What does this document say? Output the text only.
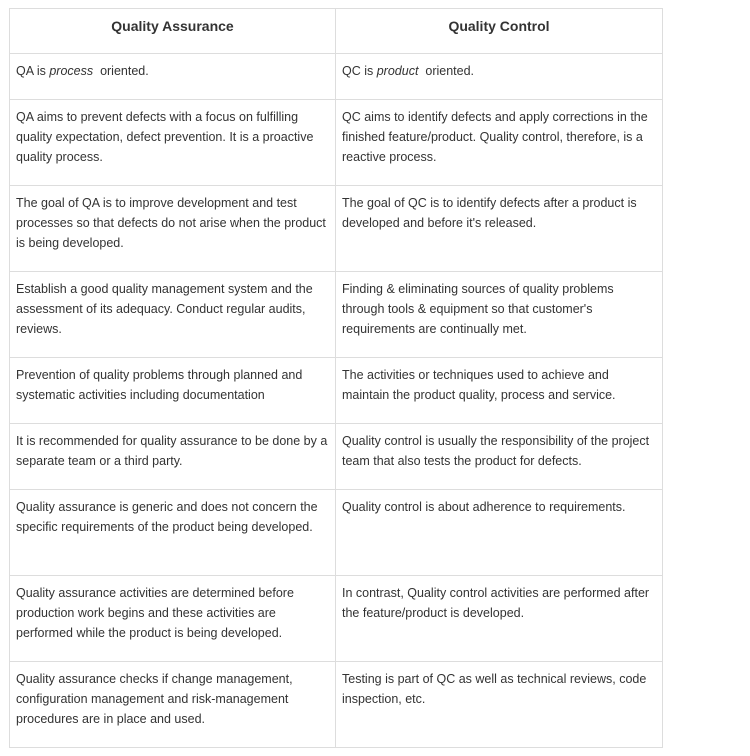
Quality Assurance	Quality Control
QA is process  oriented.	QC is product  oriented.
QA aims to prevent defects with a focus on fulfilling quality expectation, defect prevention. It is a proactive quality process.	QC aims to identify defects and apply corrections in the finished feature/product. Quality control, therefore, is a reactive process.
The goal of QA is to improve development and test processes so that defects do not arise when the product is being developed.	The goal of QC is to identify defects after a product is developed and before it's released.
Establish a good quality management system and the assessment of its adequacy. Conduct regular audits, reviews.	Finding & eliminating sources of quality problems through tools & equipment so that customer's requirements are continually met.
Prevention of quality problems through planned and systematic activities including documentation	The activities or techniques used to achieve and maintain the product quality, process and service.
It is recommended for quality assurance to be done by a separate team or a third party.	Quality control is usually the responsibility of the project team that also tests the product for defects.
Quality assurance is generic and does not concern the specific requirements of the product being developed.	Quality control is about adherence to requirements.
Quality assurance activities are determined before production work begins and these activities are performed while the product is being developed.	In contrast, Quality control activities are performed after the feature/product is developed.
Quality assurance checks if change management, configuration management and risk-management procedures are in place and used.	Testing is part of QC as well as technical reviews, code inspection, etc.
